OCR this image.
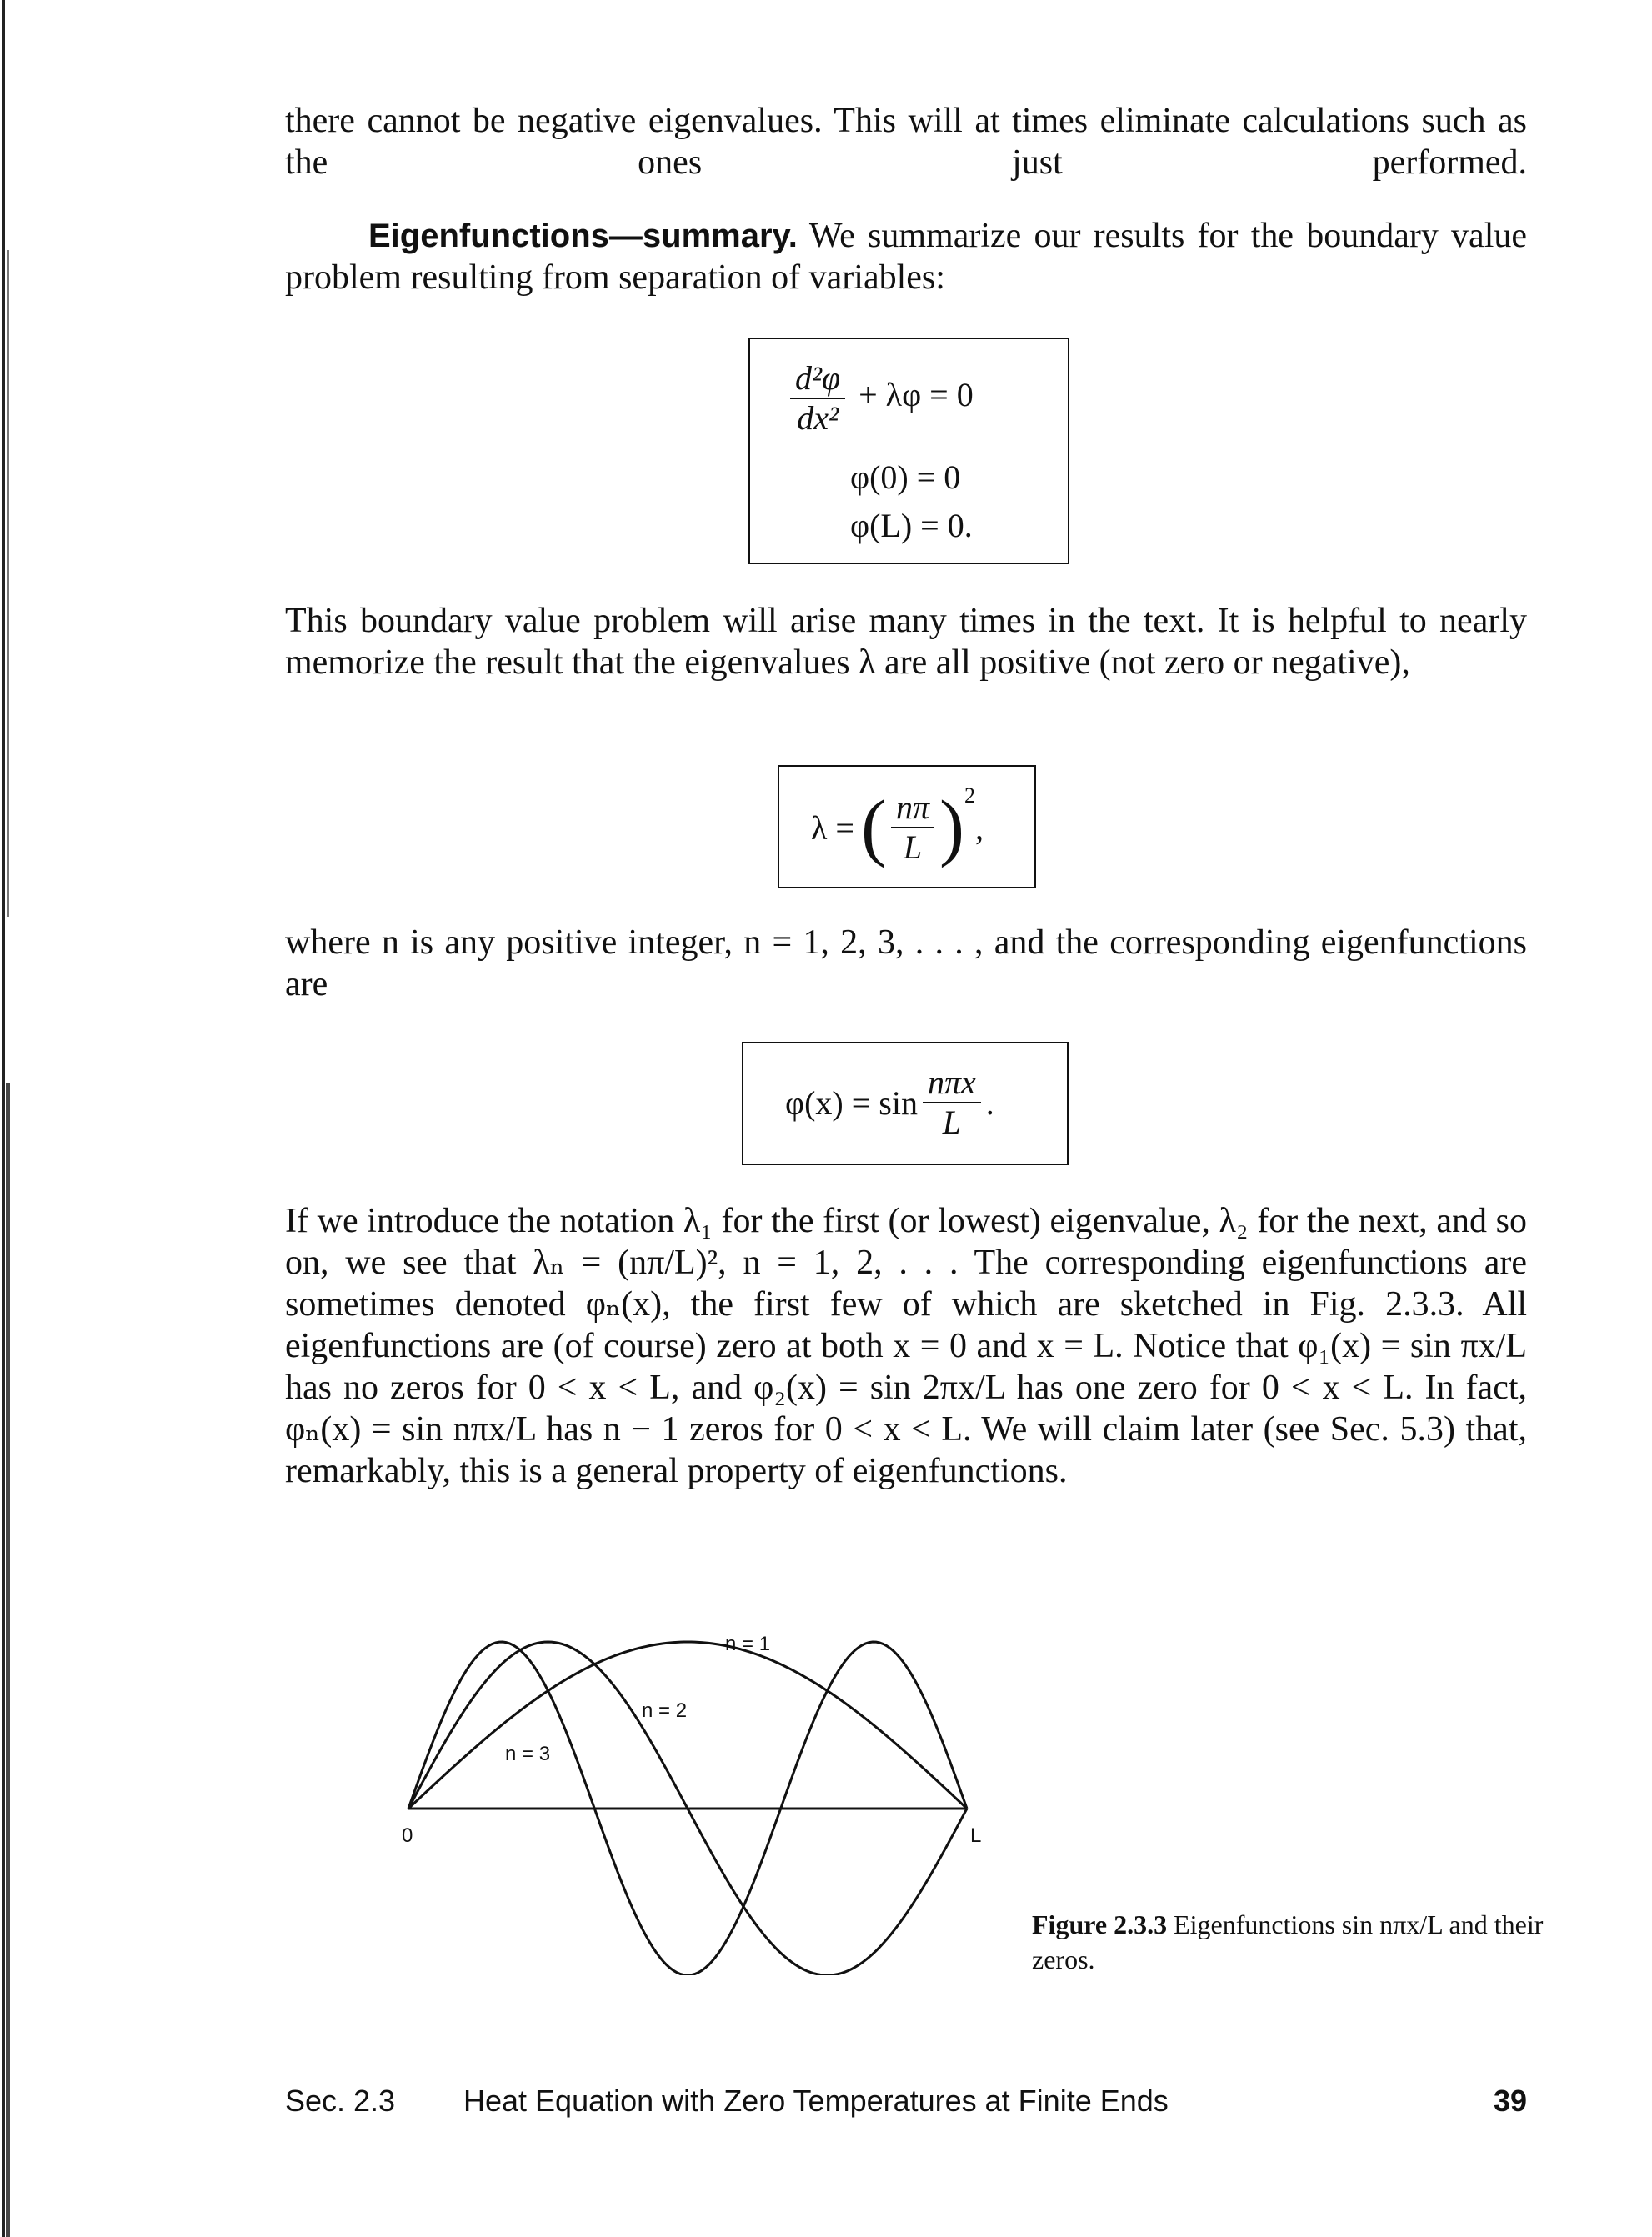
there cannot be negative eigenvalues. This will at times eliminate calculations such as the ones just performed.
Eigenfunctions—summary. We summarize our results for the boundary value problem resulting from separation of variables:
$\frac{\text{d²φ}}{\text{dx²}} + \lambda\varphi = 0$
φ(0) = 0
φ(L) = 0.
This boundary value problem will arise many times in the text. It is helpful to nearly memorize the result that the eigenvalues λ are all positive (not zero or negative),
λ = ( $\frac{n\pi}{L}$ ) 2
,
where n is any positive integer, n = 1, 2, 3, . . . , and the corresponding eigenfunctions are
$\varphi(x) = \sin \frac{\text{nπx}}{L}$ .
If we introduce the notation λ₁ for the first (or lowest) eigenvalue, λ₂ for the next, and so on, we see that λₙ = (nπ/L)², n = 1, 2, . . . The corresponding eigenfunctions are sometimes denoted φₙ(x), the first few of which are sketched in Fig. 2.3.3. All eigenfunctions are (of course) zero at both x = 0 and x = L. Notice that φ₁(x) = sin πx/L has no zeros for 0 < x < L, and φ₂(x) = sin 2πx/L has one zero for 0 < x < L. In fact, φₙ(x) = sin nπx/L has n − 1 zeros for 0 < x < L. We will claim later (see Sec. 5.3) that, remarkably, this is a general property of eigenfunctions.
n = 1
n = 2
n = 3
0	L
Figure 2.3.3 Eigenfunctions sin nπx/L and their zeros.
Sec. 2.3 Heat Equation with Zero Temperatures at Finite Ends	39
